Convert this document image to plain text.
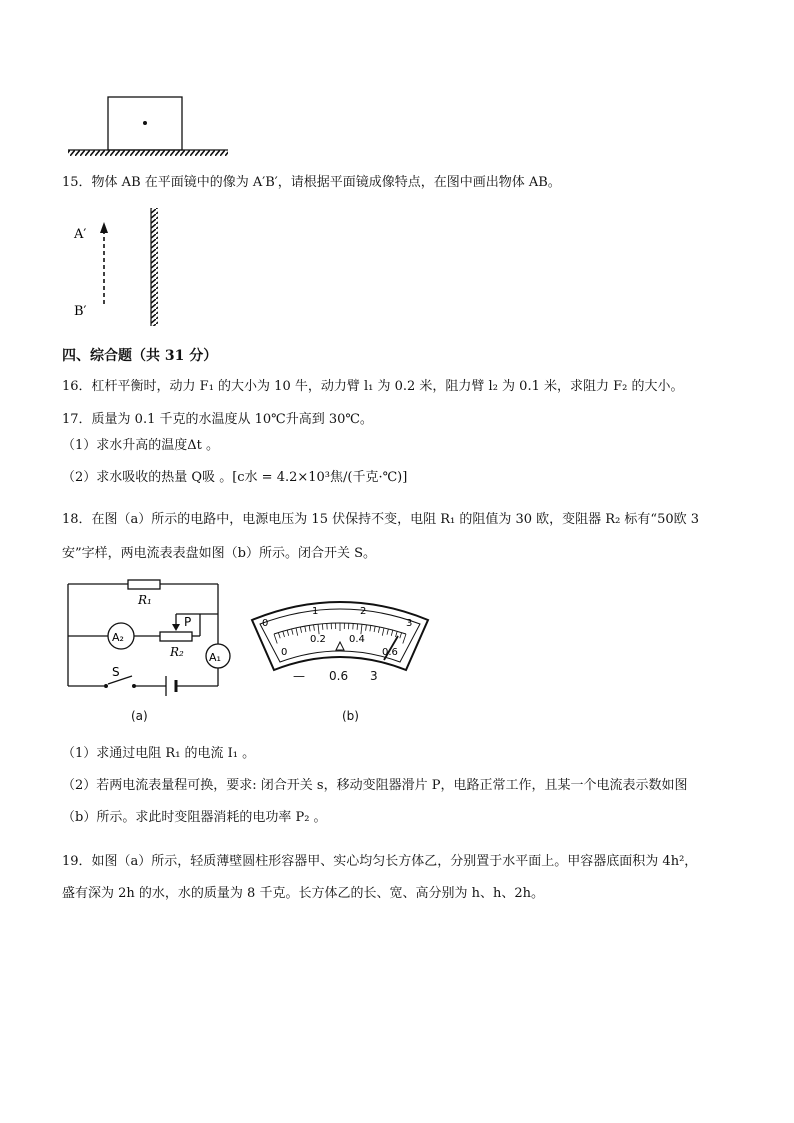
15．物体 AB 在平面镜中的像为 A′B′，请根据平面镜成像特点，在图中画出物体 AB。
A′
B′
四、综合题（共 31 分）
16．杠杆平衡时，动力 F₁ 的大小为 10 牛，动力臂 l₁ 为 0.2 米，阻力臂 l₂ 为 0.1 米，求阻力 F₂ 的大小。
17．质量为 0.1 千克的水温度从 10℃升高到 30℃。
（1）求水升高的温度Δt 。
（2）求水吸收的热量 Q吸 。[c水 = 4.2×10³焦/(千克·℃)]
18．在图（a）所示的电路中，电源电压为 15 伏保持不变，电阻 R₁ 的阻值为 30 欧，变阻器 R₂ 标有“50欧 3
安”字样，两电流表表盘如图（b）所示。闭合开关 S。
R₁
A₂
P
R₂ A₁
S
(a)
0
1	2
3
0
0.2 0.4
0.6
— 0.6 3
(b)
（1）求通过电阻 R₁ 的电流 I₁ 。
（2）若两电流表量程可换，要求: 闭合开关 s，移动变阻器滑片 P，电路正常工作，且某一个电流表示数如图
（b）所示。求此时变阻器消耗的电功率 P₂ 。
19．如图（a）所示，轻质薄壁圆柱形容器甲、实心均匀长方体乙，分别置于水平面上。甲容器底面积为 4h²，
盛有深为 2h 的水，水的质量为 8 千克。长方体乙的长、宽、高分别为 h、h、2h。
